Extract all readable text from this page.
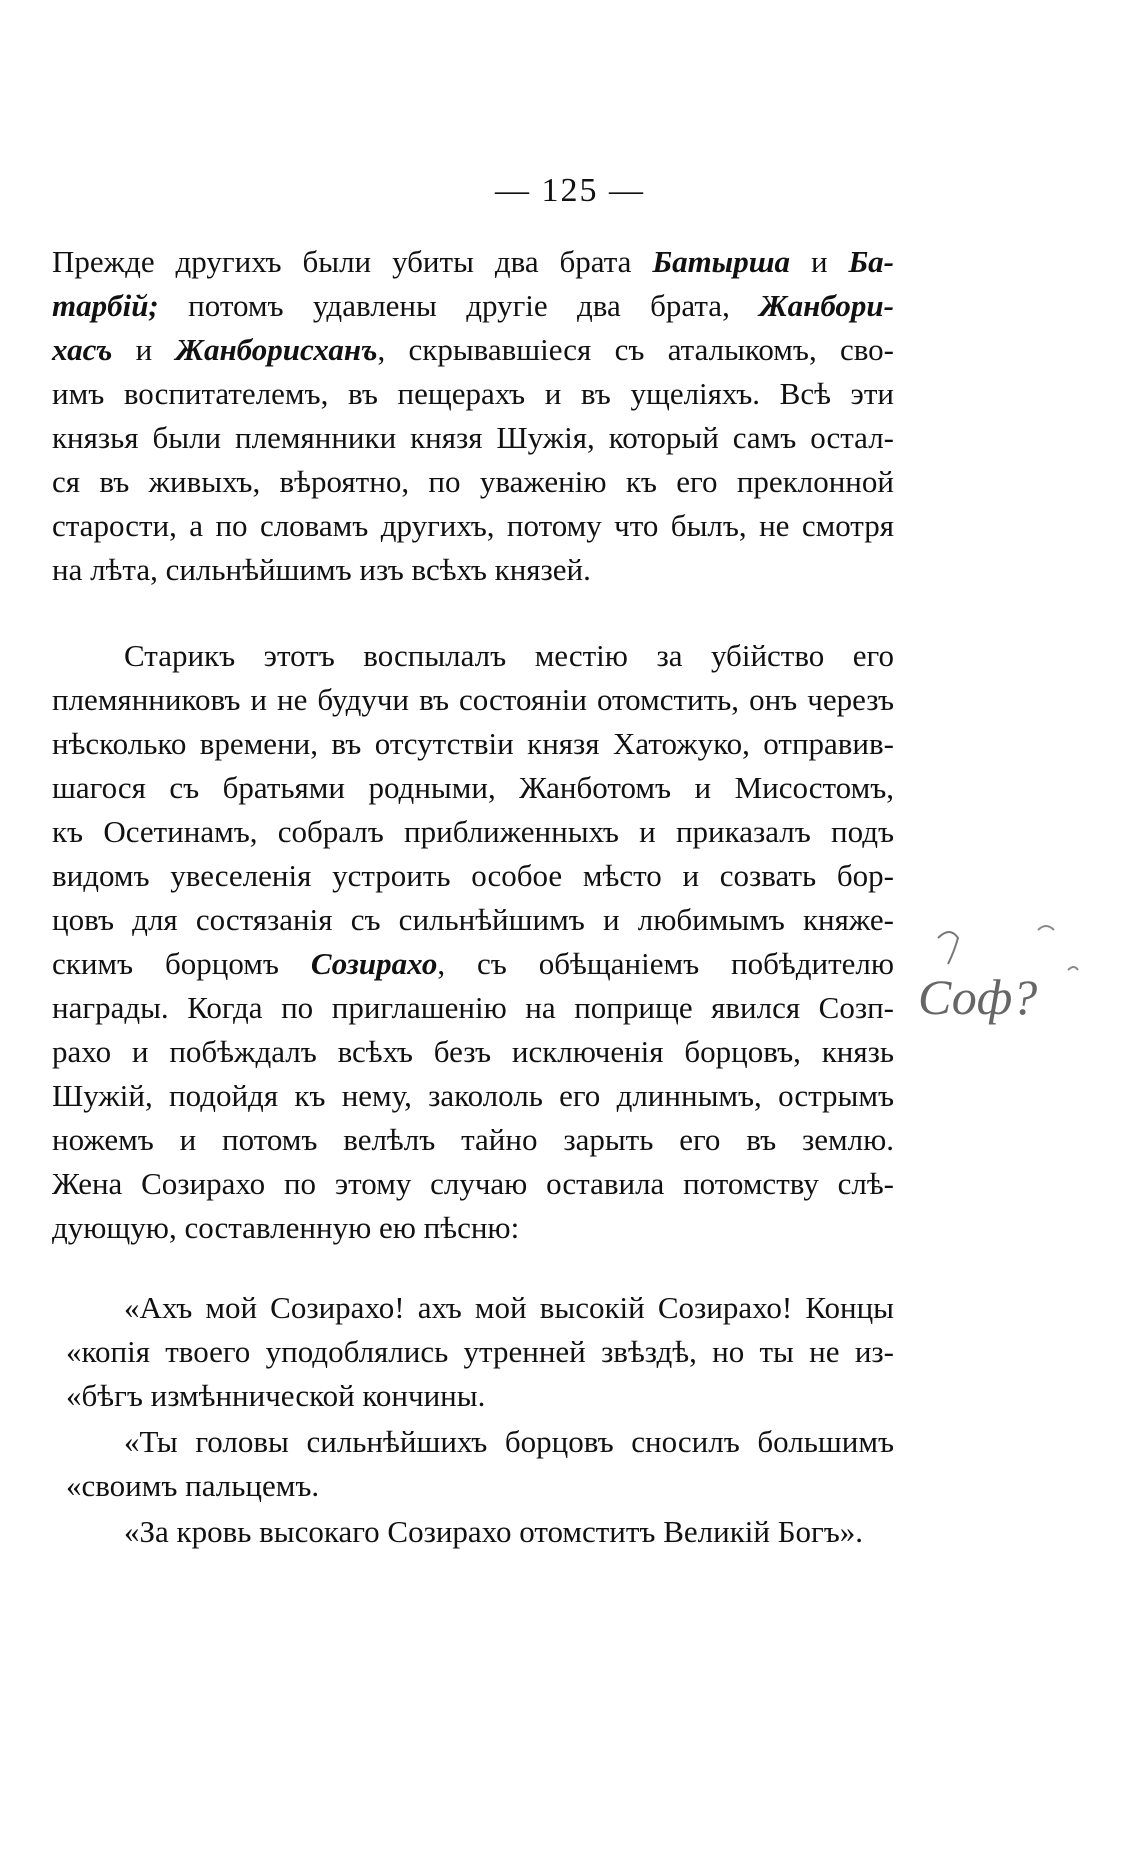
— 125 —
Прежде другихъ были убиты два брата Батырша и Ба-
тарбій; потомъ удавлены другіе два брата, Жанбори-
хасъ и Жанборисханъ, скрывавшіеся съ аталыкомъ, сво-
имъ воспитателемъ, въ пещерахъ и въ ущеліяхъ. Всѣ эти
князья были племянники князя Шужія, который самъ остал-
ся въ живыхъ, вѣроятно, по уваженію къ его преклонной
старости, а по словамъ другихъ, потому что былъ, не смотря
на лѣта, сильнѣйшимъ изъ всѣхъ князей.
Старикъ этотъ воспылалъ местію за убійство его
племянниковъ и не будучи въ состояніи отомстить, онъ черезъ
нѣсколько времени, въ отсутствіи князя Хатожуко, отправив-
шагося съ братьями родными, Жанботомъ и Мисостомъ,
къ Осетинамъ, собралъ приближенныхъ и приказалъ подъ
видомъ увеселенія устроить особое мѣсто и созвать бор-
цовъ для состязанія съ сильнѣйшимъ и любимымъ княже-
скимъ борцомъ Созирахо, съ обѣщаніемъ побѣдителю
награды. Когда по приглашенію на поприще явился Созп-
рахо и побѣждалъ всѣхъ безъ исключенія борцовъ, князь
Шужій, подойдя къ нему, закололь его длиннымъ, острымъ
ножемъ и потомъ велѣлъ тайно зарыть его въ землю.
Жена Созирахо по этому случаю оставила потомству слѣ-
дующую, составленную ею пѣсню:
«Ахъ мой Созирахо! ахъ мой высокій Созирахо! Концы
«копія твоего уподоблялись утренней звѣздѣ, но ты не из-
«бѣгъ измѣннической кончины.
«Ты головы сильнѣйшихъ борцовъ сносилъ большимъ
«своимъ пальцемъ.
«За кровь высокаго Созирахо отомститъ Великій Богъ».
Соф?
